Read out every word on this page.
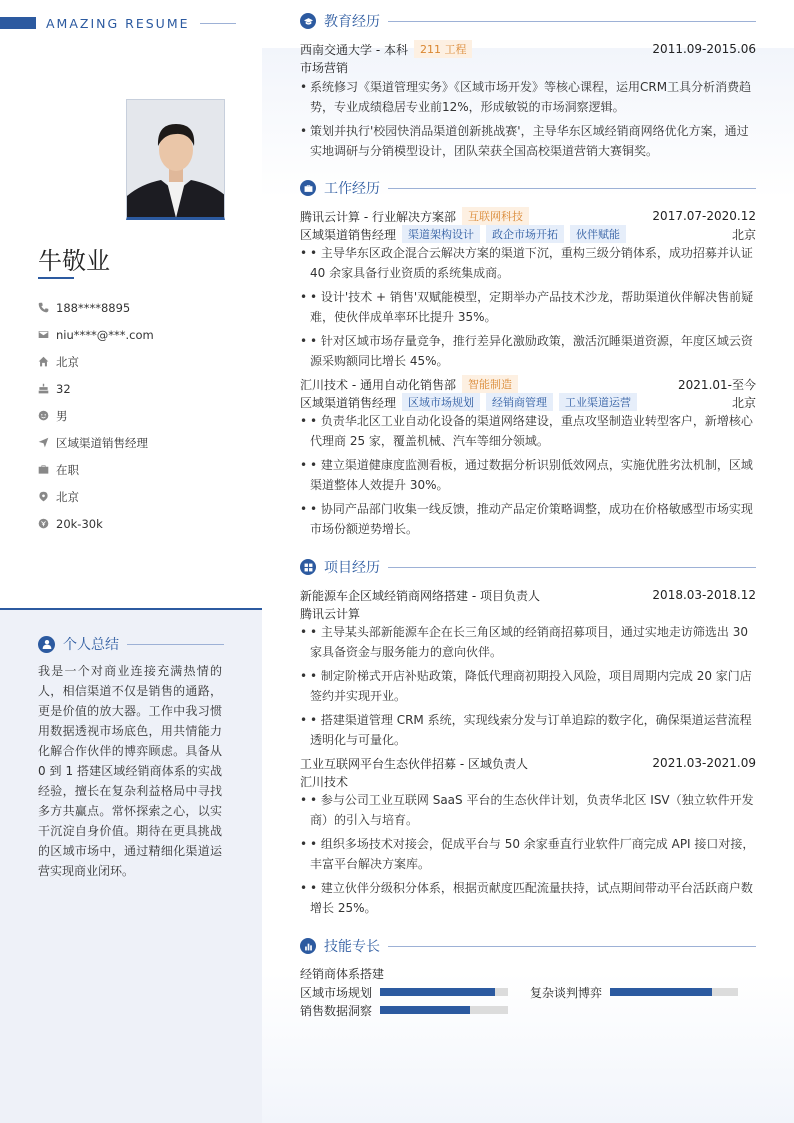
AMAZING RESUME
牛敬业
188****8895
niu****@***.com
北京
32
男
区域渠道销售经理
在职
北京
20k-30k
个人总结
我是一个对商业连接充满热情的人，相信渠道不仅是销售的通路，更是价值的放大器。工作中我习惯用数据透视市场底色，用共情能力化解合作伙伴的博弈顾虑。具备从 0 到 1 搭建区域经销商体系的实战经验，擅长在复杂利益格局中寻找多方共赢点。常怀探索之心，以实干沉淀自身价值。期待在更具挑战的区域市场中，通过精细化渠道运营实现商业闭环。
教育经历
西南交通大学 - 本科	211 工程	2011.09-2015.06
市场营销
• 系统修习《渠道管理实务》《区域市场开发》等核心课程，运用CRM工具分析消费趋势，专业成绩稳居专业前12%，形成敏锐的市场洞察逻辑。
• 策划并执行'校园快消品渠道创新挑战赛'，主导华东区域经销商网络优化方案，通过实地调研与分销模型设计，团队荣获全国高校渠道营销大赛铜奖。
工作经历
腾讯云计算 - 行业解决方案部	互联网科技	2017.07-2020.12
区域渠道销售经理	渠道架构设计	政企市场开拓	伙伴赋能	北京
• • 主导华东区政企混合云解决方案的渠道下沉，重构三级分销体系，成功招募并认证 40 余家具备行业资质的系统集成商。
• • 设计'技术 + 销售'双赋能模型，定期举办产品技术沙龙，帮助渠道伙伴解决售前疑难，使伙伴成单率环比提升 35%。
• • 针对区域市场存量竞争，推行差异化激励政策，激活沉睡渠道资源，年度区域云资源采购额同比增长 45%。
汇川技术 - 通用自动化销售部	智能制造	2021.01-至今
区域渠道销售经理	区域市场规划	经销商管理	工业渠道运营	北京
• • 负责华北区工业自动化设备的渠道网络建设，重点攻坚制造业转型客户，新增核心代理商 25 家，覆盖机械、汽车等细分领域。
• • 建立渠道健康度监测看板，通过数据分析识别低效网点，实施优胜劣汰机制，区域渠道整体人效提升 30%。
• • 协同产品部门收集一线反馈，推动产品定价策略调整，成功在价格敏感型市场实现市场份额逆势增长。
项目经历
新能源车企区域经销商网络搭建 - 项目负责人	2018.03-2018.12
腾讯云计算
• • 主导某头部新能源车企在长三角区域的经销商招募项目，通过实地走访筛选出 30 家具备资金与服务能力的意向伙伴。
• • 制定阶梯式开店补贴政策，降低代理商初期投入风险，项目周期内完成 20 家门店签约并实现开业。
• • 搭建渠道管理 CRM 系统，实现线索分发与订单追踪的数字化，确保渠道运营流程透明化与可量化。
工业互联网平台生态伙伴招募 - 区域负责人	2021.03-2021.09
汇川技术
• • 参与公司工业互联网 SaaS 平台的生态伙伴计划，负责华北区 ISV（独立软件开发商）的引入与培育。
• • 组织多场技术对接会，促成平台与 50 余家垂直行业软件厂商完成 API 接口对接，丰富平台解决方案库。
• • 建立伙伴分级积分体系，根据贡献度匹配流量扶持，试点期间带动平台活跃商户数增长 25%。
技能专长
经销商体系搭建
区域市场规划	复杂谈判博弈
销售数据洞察
